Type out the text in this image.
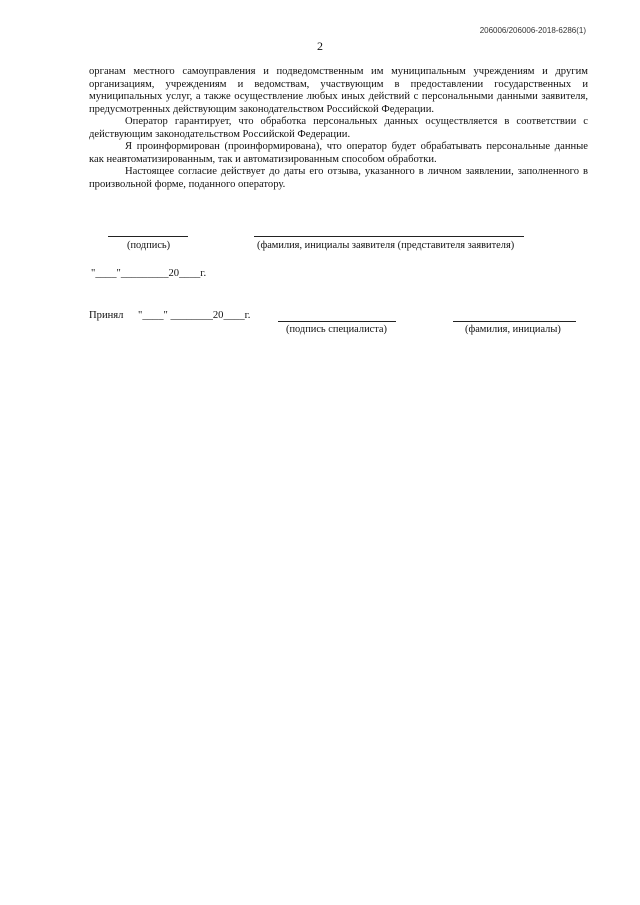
206006/206006-2018-6286(1)
2

органам местного самоуправления и подведомственным им муниципальным учреждениям и другим организациям, учреждениям и ведомствам, участвующим в предоставлении государственных и муниципальных услуг, а также осуществление любых иных действий с персональными данными заявителя, предусмотренных действующим законодательством Российской Федерации.

Оператор гарантирует, что обработка персональных данных осуществляется в соответствии с действующим законодательством Российской Федерации.

Я проинформирован (проинформирована), что оператор будет обрабатывать персональные данные как неавтоматизированным, так и автоматизированным способом обработки.

Настоящее согласие действует до даты его отзыва, указанного в личном заявлении, заполненного в произвольной форме, поданного оператору.

(подпись)	(фамилия, инициалы заявителя (представителя заявителя)
"____"_________20____г.
Принял "____" ________20____г.
(подпись специалиста)	(фамилия, инициалы)
